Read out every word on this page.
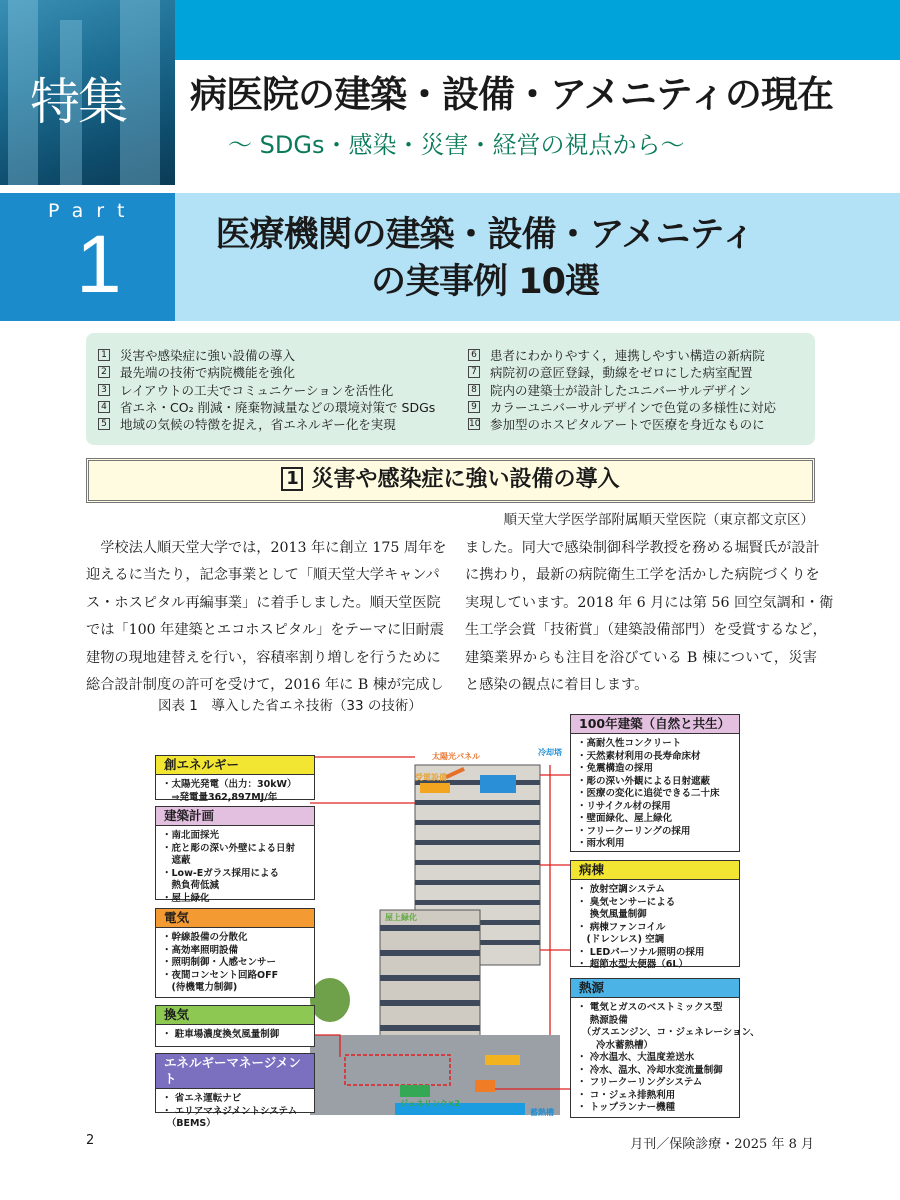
特集 病医院の建築・設備・アメニティの現在
～ SDGs・感染・災害・経営の視点から～
Part
1	医療機関の建築・設備・アメニティ
の実事例 10選
1 災害や感染症に強い設備の導入
2 最先端の技術で病院機能を強化
3 レイアウトの工夫でコミュニケーションを活性化
4 省エネ・CO₂ 削減・廃棄物減量などの環境対策で SDGs
5 地域の気候の特徴を捉え，省エネルギー化を実現
6 患者にわかりやすく，連携しやすい構造の新病院
7 病院初の意匠登録，動線をゼロにした病室配置
8 院内の建築士が設計したユニバーサルデザイン
9 カラーユニバーサルデザインで色覚の多様性に対応
10 参加型のホスピタルアートで医療を身近なものに
1 災害や感染症に強い設備の導入
順天堂大学医学部附属順天堂医院（東京都文京区）
　学校法人順天堂大学では，2013 年に創立 175 周年を
迎えるに当たり，記念事業として「順天堂大学キャンパ
ス・ホスピタル再編事業」に着手しました。順天堂医院
では「100 年建築とエコホスピタル」をテーマに旧耐震
建物の現地建替えを行い，容積率割り増しを行うために
総合設計制度の許可を受けて，2016 年に B 棟が完成し
ました。同大で感染制御科学教授を務める堀賢氏が設計
に携わり，最新の病院衛生工学を活かした病院づくりを
実現しています。2018 年 6 月には第 56 回空気調和・衛
生工学会賞「技術賞」（建築設備部門）を受賞するなど，
建築業界からも注目を浴びている B 棟について，災害
と感染の観点に着目します。
図表 1　導入した省エネ技術（33 の技術）
太陽光パネル	冷却塔
受電設備
屋上緑化
ジェネリンク×2
蓄熱槽
創エネルギー
・太陽光発電（出力：30kW）
　⇒発電量362,897MJ/年
建築計画
・南北面採光
・庇と彫の深い外壁による日射
　遮蔽
・Low-Eガラス採用による
　熱負荷低減
・屋上緑化
電気
・幹線設備の分散化
・高効率照明設備
・照明制御・人感センサー
・夜間コンセント回路OFF
　(待機電力制御)
換気
・ 駐車場濃度換気風量制御
エネルギーマネージメント
・ 省エネ運転ナビ
・ エリアマネジメントシステム
　（BEMS）
100年建築（自然と共生）
・高耐久性コンクリート
・天然素材利用の長寿命床材
・免震構造の採用
・彫の深い外観による日射遮蔽
・医療の変化に追従できる二十床
・リサイクル材の採用
・壁面緑化、屋上緑化
・フリークーリングの採用
・雨水利用
病棟
・ 放射空調システム
・ 臭気センサーによる
　 換気風量制御
・ 病棟ファンコイル
　(ドレンレス) 空調
・ LEDパーソナル照明の採用
・ 超節水型大便器（6L）
熱源
・ 電気とガスのベストミックス型
　 熱源設備
　（ガスエンジン、コ・ジェネレーション、
　　冷水蓄熱槽）
・ 冷水温水、大温度差送水
・ 冷水、温水、冷却水変流量制御
・ フリークーリングシステム
・ コ・ジェネ排熱利用
・ トップランナー機種
2	月刊／保険診療・2025 年 8 月
